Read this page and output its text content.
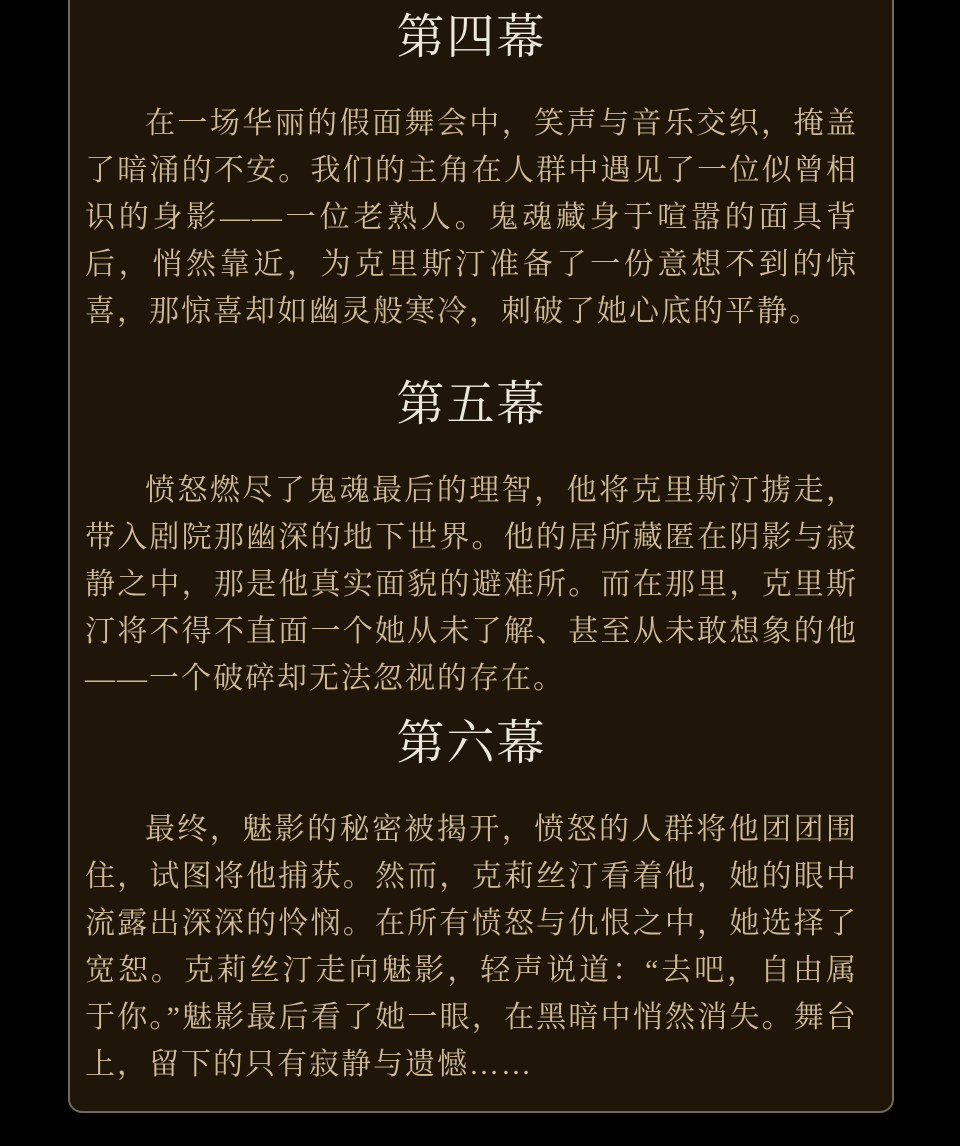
第四幕

在一场华丽的假面舞会中，笑声与音乐交织，掩盖了暗涌的不安。我们的主角在人群中遇见了一位似曾相识的身影——一位老熟人。鬼魂藏身于喧嚣的面具背后，悄然靠近，为克里斯汀准备了一份意想不到的惊喜，那惊喜却如幽灵般寒冷，刺破了她心底的平静。

第五幕

愤怒燃尽了鬼魂最后的理智，他将克里斯汀掳走，带入剧院那幽深的地下世界。他的居所藏匿在阴影与寂静之中，那是他真实面貌的避难所。而在那里，克里斯汀将不得不直面一个她从未了解、甚至从未敢想象的他——一个破碎却无法忽视的存在。

第六幕

最终，魅影的秘密被揭开，愤怒的人群将他团团围住，试图将他捕获。然而，克莉丝汀看着他，她的眼中流露出深深的怜悯。在所有愤怒与仇恨之中，她选择了宽恕。克莉丝汀走向魅影，轻声说道：“去吧，自由属于你。”魅影最后看了她一眼，在黑暗中悄然消失。舞台上，留下的只有寂静与遗憾……
